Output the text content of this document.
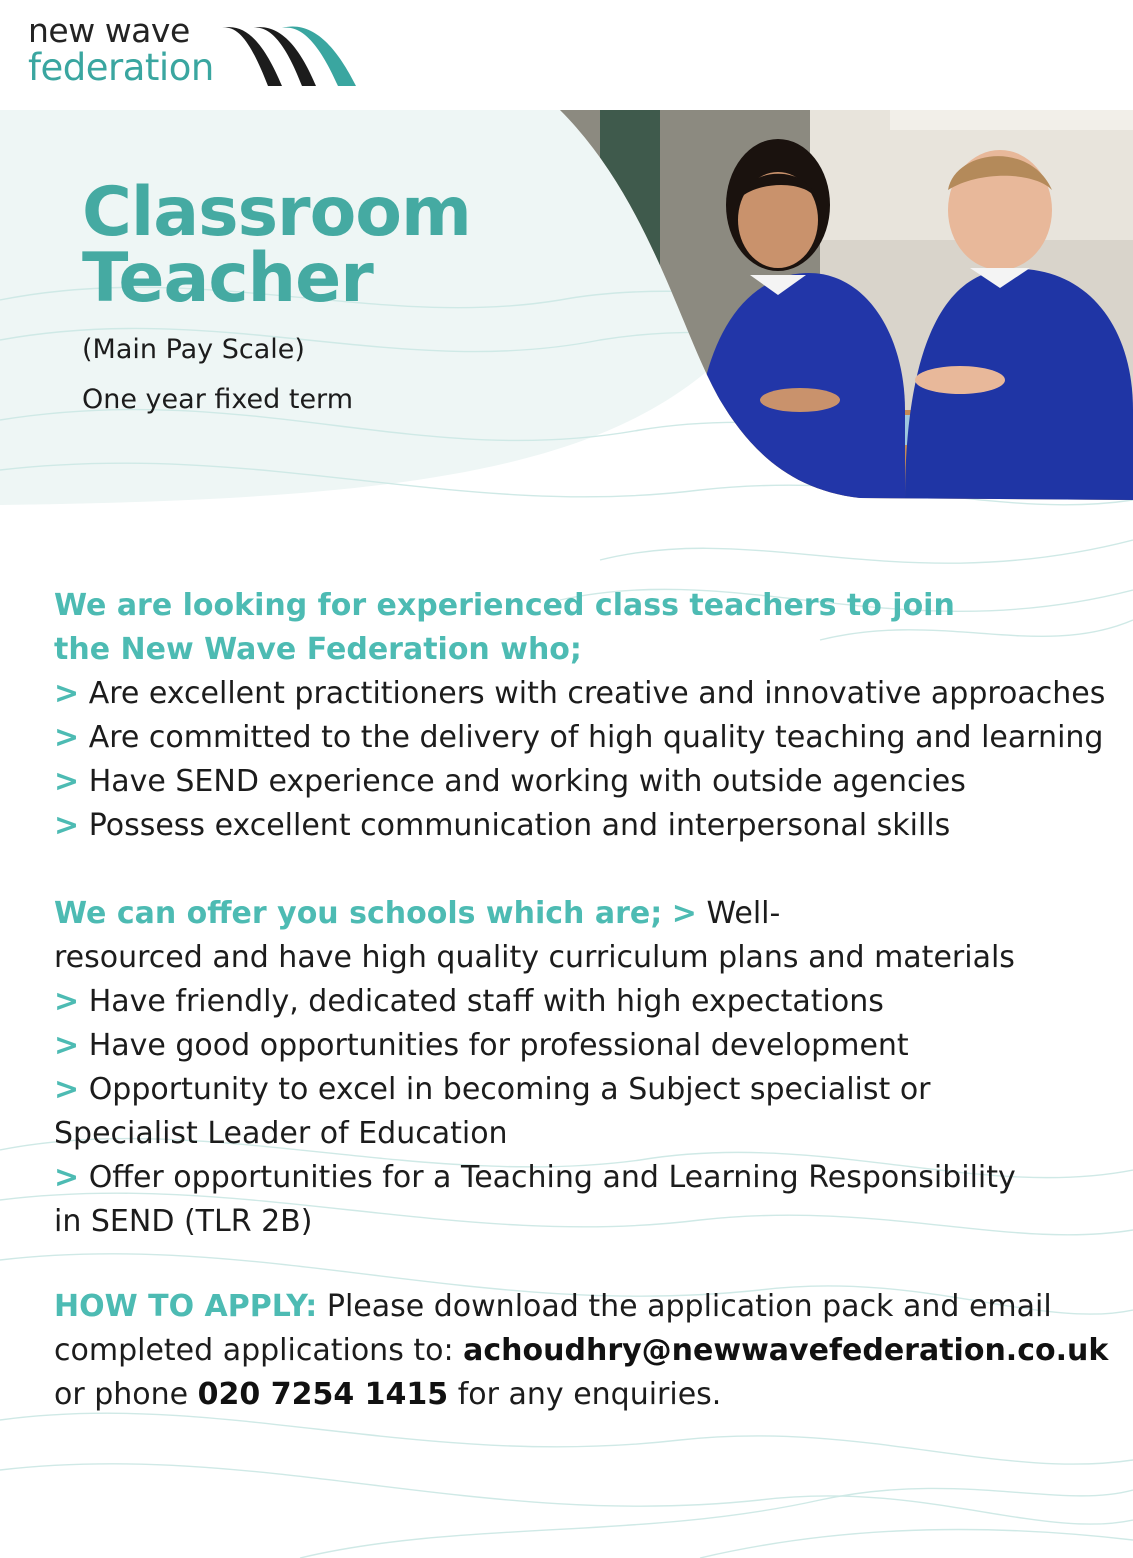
new wave
federation
Classroom
Teacher

(Main Pay Scale)

One year fixed term

We are looking for experienced class teachers to join

the New Wave Federation who;

> Are excellent practitioners with creative and innovative approaches

> Are committed to the delivery of high quality teaching and learning

> Have SEND experience and working with outside agencies

> Possess excellent communication and interpersonal skills

We can offer you schools which are; > Well-

resourced and have high quality curriculum plans and materials

> Have friendly, dedicated staff with high expectations

> Have good opportunities for professional development

> Opportunity to excel in becoming a Subject specialist or

Specialist Leader of Education

> Offer opportunities for a Teaching and Learning Responsibility

in SEND (TLR 2B)

HOW TO APPLY: Please download the application pack and email

completed applications to: achoudhry@newwavefederation.co.uk

or phone 020 7254 1415 for any enquiries.
